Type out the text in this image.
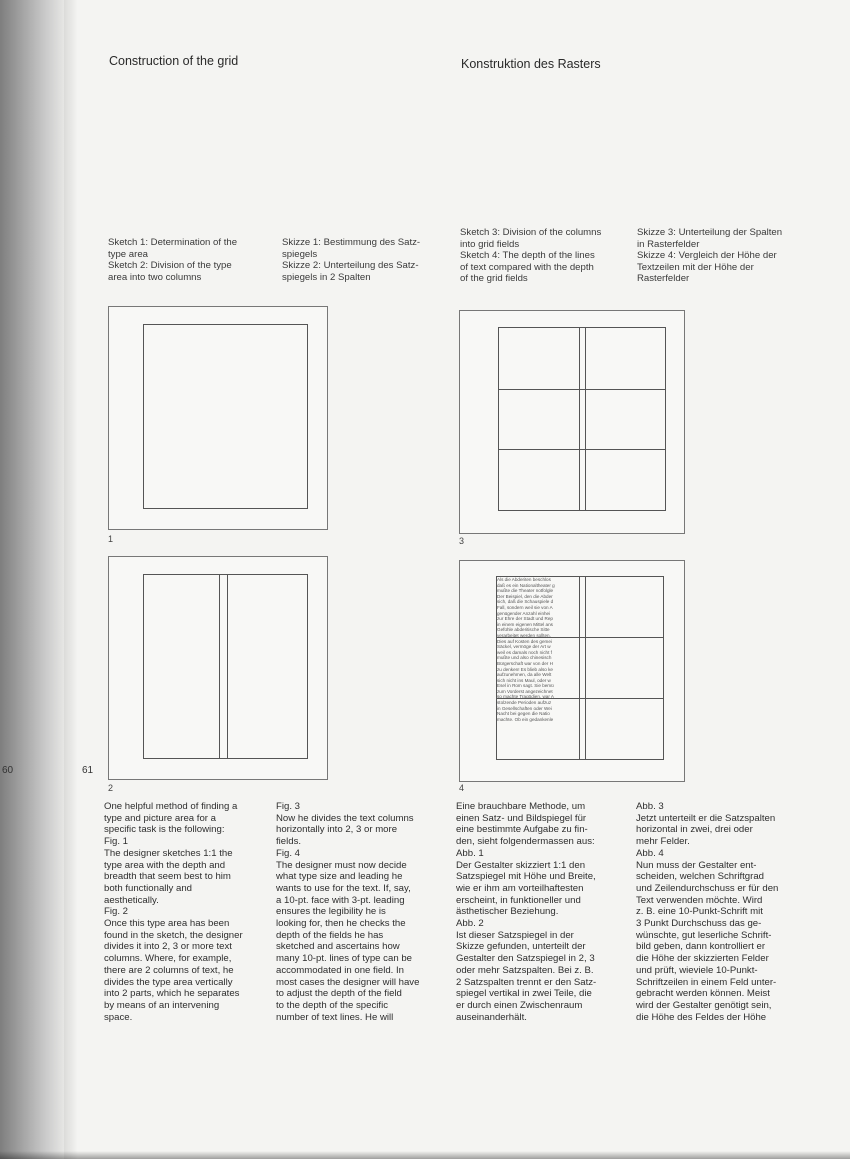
Construction of the grid	Konstruktion des Rasters
Sketch 1: Determination of the
type area
Sketch 2: Division of the type
area into two columns
Skizze 1: Bestimmung des Satz-
spiegels
Skizze 2: Unterteilung des Satz-
spiegels in 2 Spalten
Sketch 3: Division of the columns
into grid fields
Sketch 4: The depth of the lines
of text compared with the depth
of the grid fields
Skizze 3: Unterteilung der Spalten
in Rasterfelder
Skizze 4: Vergleich der Höhe der
Textzeilen mit der Höhe der
Rasterfelder
1
2
3
Als die Abderiten beschlos
daß es ein Nationaltheater g
mußte die Theater notfolgle
Der Beispiel, den die Abder
sich, daß die Schauspiele d
Fall, sondern weil sie von A
genügender Anzahl einhei
zur Ehre der Stadt und Rep
in einem eigenen Mittel ans
Gefühle abderitische Sitte
verarbeitet werden sollten,
Dies auf Kosten des gemei
Säckel, vermöge der Art w
weil es damals noch nicht f
mußte und also chinesisch
Bürgerschaft war von der H
zu denken! Es blieb also ke
aufzunehmen, da alle Welt
sich nicht ins Maul, oder w
Esel in Rom sagt. Sie bemü
zum Vorderst angezeichnet
so machte Tragödien, war A
stolzende Perioden aufzuz
in Gesellschaften oder Wei
Nacht bei gegen die Natio
machte. Ob ein gedankenle
4
60	61
One helpful method of finding a
type and picture area for a
specific task is the following:
Fig. 1
The designer sketches 1:1 the
type area with the depth and
breadth that seem best to him
both functionally and
aesthetically.
Fig. 2
Once this type area has been
found in the sketch, the designer
divides it into 2, 3 or more text
columns. Where, for example,
there are 2 columns of text, he
divides the type area vertically
into 2 parts, which he separates
by means of an intervening
space.
Fig. 3
Now he divides the text columns
horizontally into 2, 3 or more
fields.
Fig. 4
The designer must now decide
what type size and leading he
wants to use for the text. If, say,
a 10-pt. face with 3-pt. leading
ensures the legibility he is
looking for, then he checks the
depth of the fields he has
sketched and ascertains how
many 10-pt. lines of type can be
accommodated in one field. In
most cases the designer will have
to adjust the depth of the field
to the depth of the specific
number of text lines. He will
Eine brauchbare Methode, um
einen Satz- und Bildspiegel für
eine bestimmte Aufgabe zu fin-
den, sieht folgendermassen aus:
Abb. 1
Der Gestalter skizziert 1:1 den
Satzspiegel mit Höhe und Breite,
wie er ihm am vorteilhaftesten
erscheint, in funktioneller und
ästhetischer Beziehung.
Abb. 2
Ist dieser Satzspiegel in der
Skizze gefunden, unterteilt der
Gestalter den Satzspiegel in 2, 3
oder mehr Satzspalten. Bei z. B.
2 Satzspalten trennt er den Satz-
spiegel vertikal in zwei Teile, die
er durch einen Zwischenraum
auseinanderhält.
Abb. 3
Jetzt unterteilt er die Satzspalten
horizontal in zwei, drei oder
mehr Felder.
Abb. 4
Nun muss der Gestalter ent-
scheiden, welchen Schriftgrad
und Zeilendurchschuss er für den
Text verwenden möchte. Wird
z. B. eine 10-Punkt-Schrift mit
3 Punkt Durchschuss das ge-
wünschte, gut leserliche Schrift-
bild geben, dann kontrolliert er
die Höhe der skizzierten Felder
und prüft, wieviele 10-Punkt-
Schriftzeilen in einem Feld unter-
gebracht werden können. Meist
wird der Gestalter genötigt sein,
die Höhe des Feldes der Höhe
